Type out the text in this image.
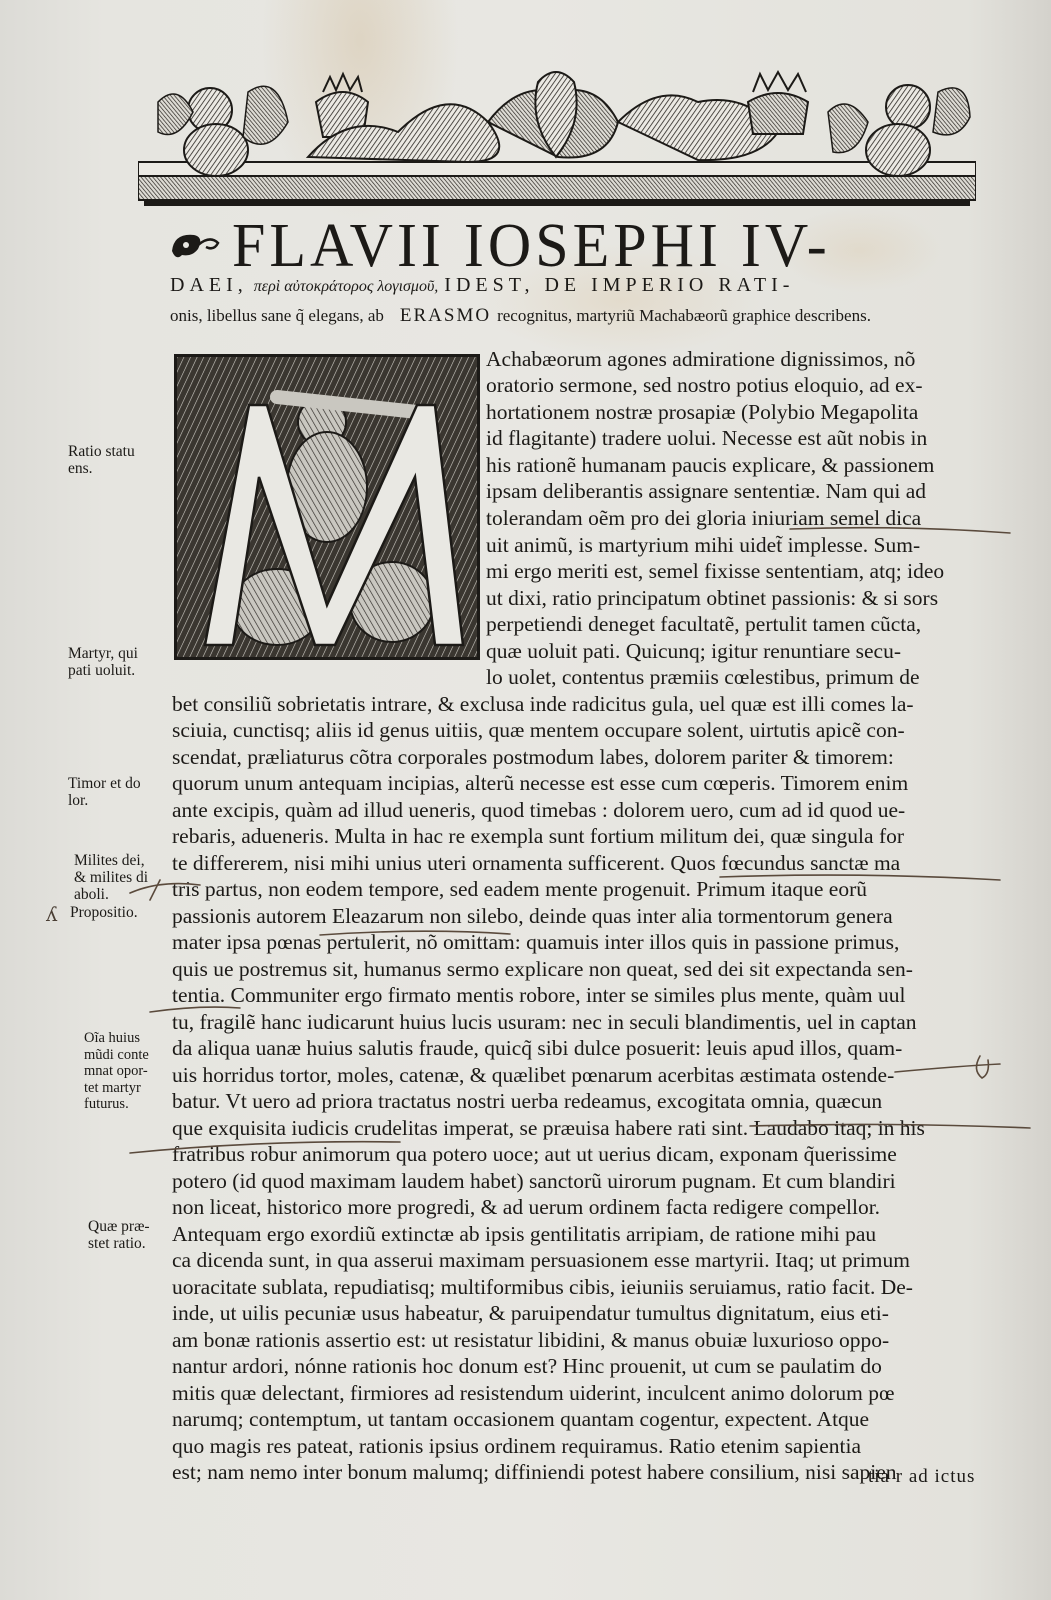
FLAVII IOSEPHI IV-
DAEI, περὶ αὐτοκράτορος λογισμοῦ, IDEST, DE IMPERIO RATI-
onis, libellus sane q̃ elegans, ab ERASMO recognitus, martyriũ Machabæorũ graphice describens.
Achabæorum agones admiratione dignissimos, nõ
oratorio sermone, sed nostro potius eloquio, ad ex-
hortationem nostræ prosapiæ (Polybio Megapolita
id flagitante) tradere uolui. Necesse est aũt nobis in
his rationẽ humanam paucis explicare, & passionem
ipsam deliberantis assignare sententiæ. Nam qui ad
tolerandam oẽm pro dei gloria iniuriam semel dica
uit animũ, is martyrium mihi uidet̃ implesse. Sum-
mi ergo meriti est, semel fixisse sententiam, atq; ideo
ut dixi, ratio principatum obtinet passionis: & si sors
perpetiendi deneget facultatẽ, pertulit tamen cũcta,
quæ uoluit pati. Quicunq; igitur renuntiare secu-
lo uolet, contentus præmiis cœlestibus, primum de
bet consiliũ sobrietatis intrare, & exclusa inde radicitus gula, uel quæ est illi comes la-
sciuia, cunctisq; aliis id genus uitiis, quæ mentem occupare solent, uirtutis apicẽ con-
scendat, præliaturus cõtra corporales postmodum labes, dolorem pariter & timorem:
quorum unum antequam incipias, alterũ necesse est esse cum cœperis. Timorem enim
ante excipis, quàm ad illud ueneris, quod timebas : dolorem uero, cum ad id quod ue-
rebaris, adueneris. Multa in hac re exempla sunt fortium militum dei, quæ singula for
te differerem, nisi mihi unius uteri ornamenta sufficerent. Quos fœcundus sanctæ ma
tris partus, non eodem tempore, sed eadem mente progenuit. Primum itaque eorũ
passionis autorem Eleazarum non silebo, deinde quas inter alia tormentorum genera
mater ipsa pœnas pertulerit, nõ omittam: quamuis inter illos quis in passione primus,
quis ue postremus sit, humanus sermo explicare non queat, sed dei sit expectanda sen-
tentia. Communiter ergo firmato mentis robore, inter se similes plus mente, quàm uul
tu, fragilẽ hanc iudicarunt huius lucis usuram: nec in seculi blandimentis, uel in captan
da aliqua uanæ huius salutis fraude, quicq̃ sibi dulce posuerit: leuis apud illos, quam-
uis horridus tortor, moles, catenæ, & quælibet pœnarum acerbitas æstimata ostende-
batur. Vt uero ad priora tractatus nostri uerba redeamus, excogitata omnia, quæcun
que exquisita iudicis crudelitas imperat, se præuisa habere rati sint. Laudabo itaq; in his
fratribus robur animorum qua potero uoce; aut ut uerius dicam, exponam q̃uerissime
potero (id quod maximam laudem habet) sanctorũ uirorum pugnam. Et cum blandiri
non liceat, historico more progredi, & ad uerum ordinem facta redigere compellor.
Antequam ergo exordiũ extinctæ ab ipsis gentilitatis arripiam, de ratione mihi pau
ca dicenda sunt, in qua asserui maximam persuasionem esse martyrii. Itaq; ut primum
uoracitate sublata, repudiatisq; multiformibus cibis, ieiuniis seruiamus, ratio facit. De-
inde, ut uilis pecuniæ usus habeatur, & paruipendatur tumultus dignitatum, eius eti-
am bonæ rationis assertio est: ut resistatur libidini, & manus obuiæ luxurioso oppo-
nantur ardori, nónne rationis hoc donum est? Hinc prouenit, ut cum se paulatim do
mitis quæ delectant, firmiores ad resistendum uiderint, inculcent animo dolorum pœ
narumq; contemptum, ut tantam occasionem quantam cogentur, expectent. Atque
quo magis res pateat, rationis ipsius ordinem requiramus. Ratio etenim sapientia
est; nam nemo inter bonum malumq; diffiniendi potest habere consilium, nisi sapien
tia r ad ictus
Ratio statu
ens.
Martyr, qui
pati uoluit.
Timor et do
lor.
Milites dei,
& milites di
aboli.
Propositio.
Oĩa huius
mũdi conte
mnat opor-
tet martyr
futurus.
Quæ præ-
stet ratio.
ʎ
